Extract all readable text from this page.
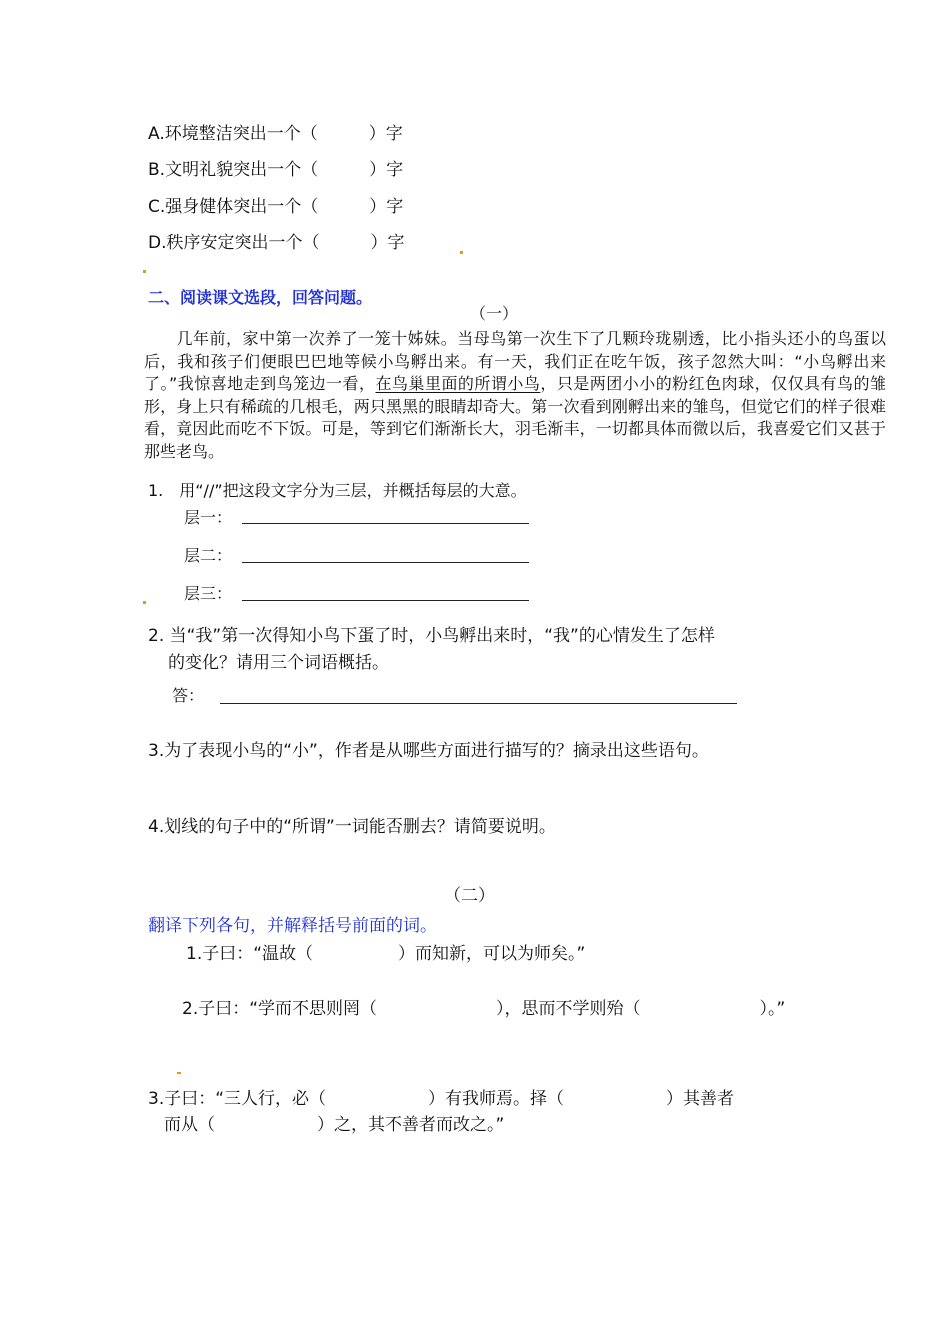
A.环境整洁突出一个（　　　）字
B.文明礼貌突出一个（　　　）字
C.强身健体突出一个（　　　）字
D.秩序安定突出一个（　　　）字
二、阅读课文选段，回答问题。
（一）
几年前，家中第一次养了一笼十姊妹。当母鸟第一次生下了几颗玲珑剔透，比小指头还小的鸟蛋以后，我和孩子们便眼巴巴地等候小鸟孵出来。有一天，我们正在吃午饭，孩子忽然大叫：“小鸟孵出来了。”我惊喜地走到鸟笼边一看，在鸟巢里面的所谓小鸟，只是两团小小的粉红色肉球，仅仅具有鸟的雏形，身上只有稀疏的几根毛，两只黑黑的眼睛却奇大。第一次看到刚孵出来的雏鸟，但觉它们的样子很难看，竟因此而吃不下饭。可是，等到它们渐渐长大，羽毛渐丰，一切都具体而微以后，我喜爱它们又甚于那些老鸟。
1.　用“//”把这段文字分为三层，并概括每层的大意。
层一：
层二：
层三：
2. 当“我”第一次得知小鸟下蛋了时，小鸟孵出来时，“我”的心情发生了怎样
的变化？请用三个词语概括。
答：
3.为了表现小鸟的“小”，作者是从哪些方面进行描写的？摘录出这些语句。
4.划线的句子中的“所谓”一词能否删去？请简要说明。
（二）
翻译下列各句，并解释括号前面的词。
1.子曰：“温故（　　　　　）而知新，可以为师矣。”
2.子曰：“学而不思则罔（　　　　　　　），思而不学则殆（　　　　　　　）。”
3.子曰：“三人行，必（　　　　　　）有我师焉。择（　　　　　　）其善者
而从（　　　　　　）之，其不善者而改之。”
